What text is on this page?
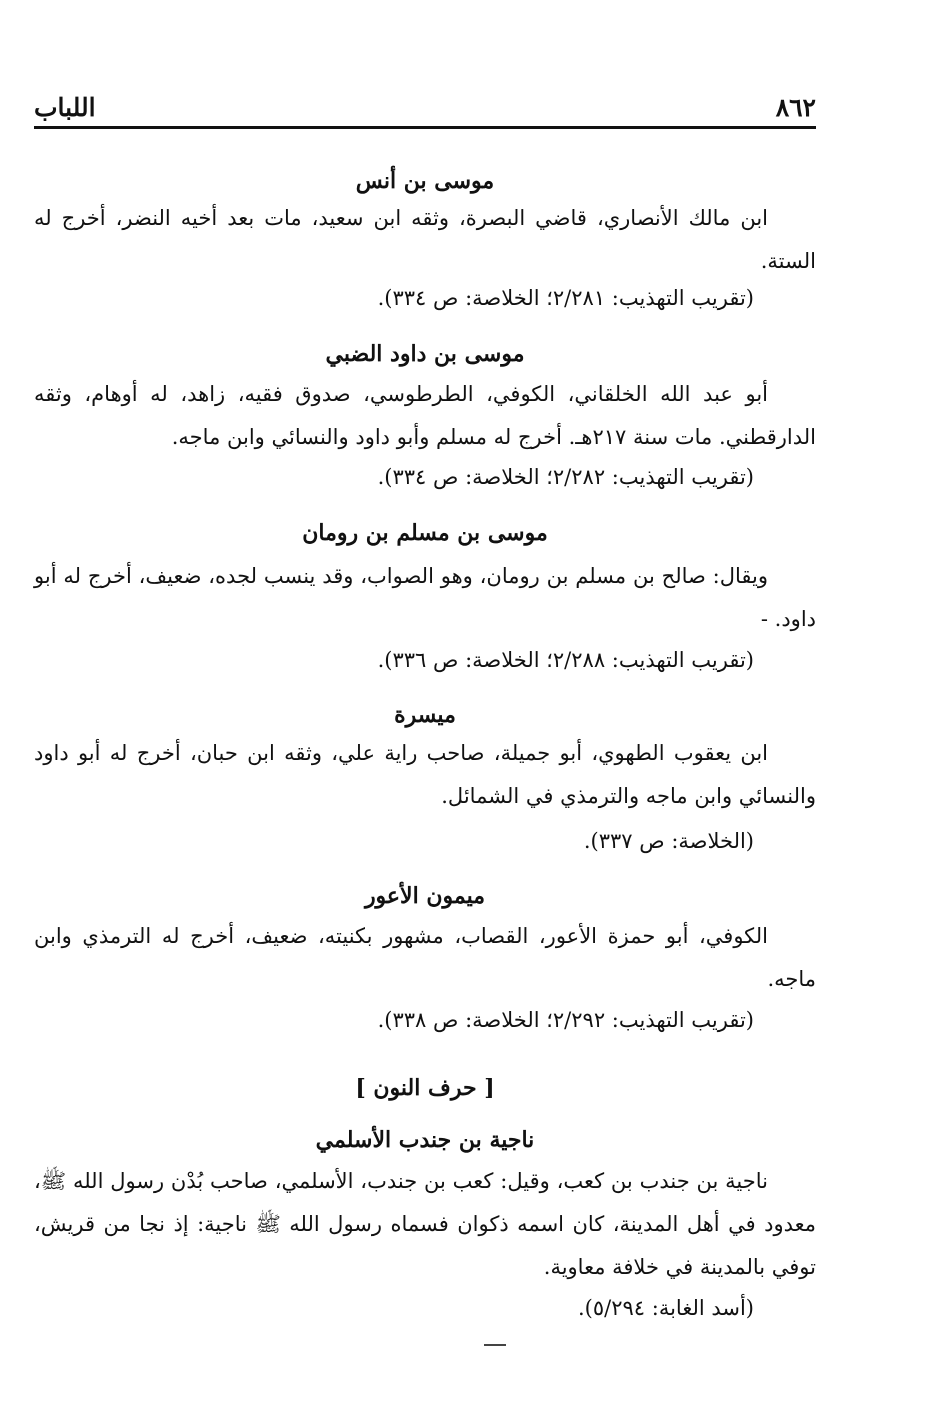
٨٦٢
اللباب
موسى بن أنس
ابن مالك الأنصاري، قاضي البصرة، وثقه ابن سعيد، مات بعد أخيه النضر، أخرج له الستة.
(تقريب التهذيب: ٢/٢٨١؛ الخلاصة: ص ٣٣٤).
موسى بن داود الضبي
أبو عبد الله الخلقاني، الكوفي، الطرطوسي، صدوق فقيه، زاهد، له أوهام، وثقه الدارقطني. مات سنة ٢١٧هـ. أخرج له مسلم وأبو داود والنسائي وابن ماجه.
(تقريب التهذيب: ٢/٢٨٢؛ الخلاصة: ص ٣٣٤).
موسى بن مسلم بن رومان
ويقال: صالح بن مسلم بن رومان، وهو الصواب، وقد ينسب لجده، ضعيف، أخرج له أبو داود. -
(تقريب التهذيب: ٢/٢٨٨؛ الخلاصة: ص ٣٣٦).
ميسرة
ابن يعقوب الطهوي، أبو جميلة، صاحب راية علي، وثقه ابن حبان، أخرج له أبو داود والنسائي وابن ماجه والترمذي في الشمائل.
(الخلاصة: ص ٣٣٧).
ميمون الأعور
الكوفي، أبو حمزة الأعور، القصاب، مشهور بكنيته، ضعيف، أخرج له الترمذي وابن ماجه.
(تقريب التهذيب: ٢/٢٩٢؛ الخلاصة: ص ٣٣٨).
[ حرف النون ]
ناجية بن جندب الأسلمي
ناجية بن جندب بن كعب، وقيل: كعب بن جندب، الأسلمي، صاحب بُدْن رسول الله ﷺ، معدود في أهل المدينة، كان اسمه ذكوان فسماه رسول الله ﷺ ناجية: إذ نجا من قريش، توفي بالمدينة في خلافة معاوية.
(أسد الغابة: ٥/٢٩٤).
